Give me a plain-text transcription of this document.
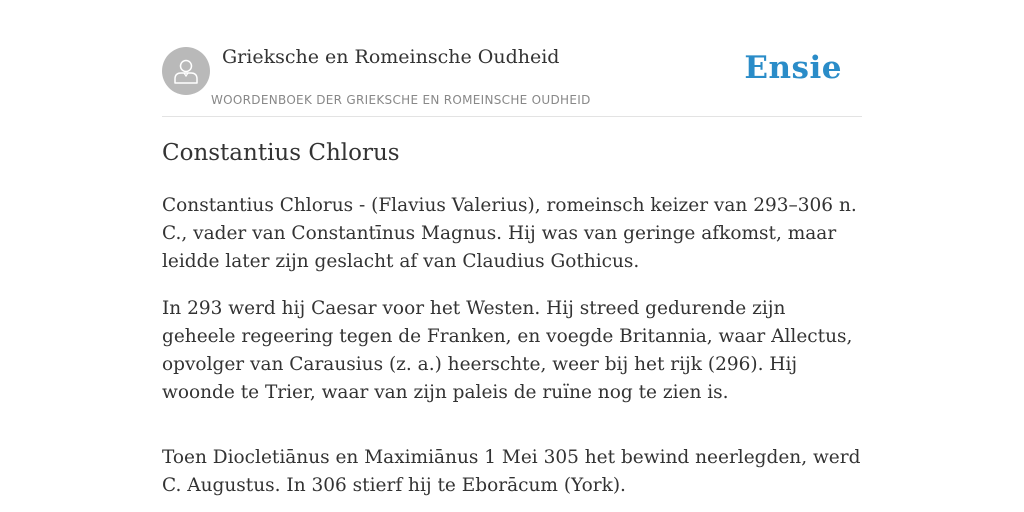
Grieksche en Romeinsche Oudheid
WOORDENBOEK DER GRIEKSCHE EN ROMEINSCHE OUDHEID
Ensie
Constantius Chlorus

Constantius Chlorus - (Flavius Valerius), romeinsch keizer van 293–306 n. C., vader van Constantīnus Magnus. Hij was van geringe afkomst, maar leidde later zijn geslacht af van Claudius Gothicus.

In 293 werd hij Caesar voor het Westen. Hij streed gedurende zijn geheele regeering tegen de Franken, en voegde Britannia, waar Allectus, opvolger van Carausius (z. a.) heerschte, weer bij het rijk (296). Hij woonde te Trier, waar van zijn paleis de ruïne nog te zien is.

Toen Diocletiānus en Maximiānus 1 Mei 305 het bewind neerlegden, werd C. Augustus. In 306 stierf hij te Eborācum (York).
